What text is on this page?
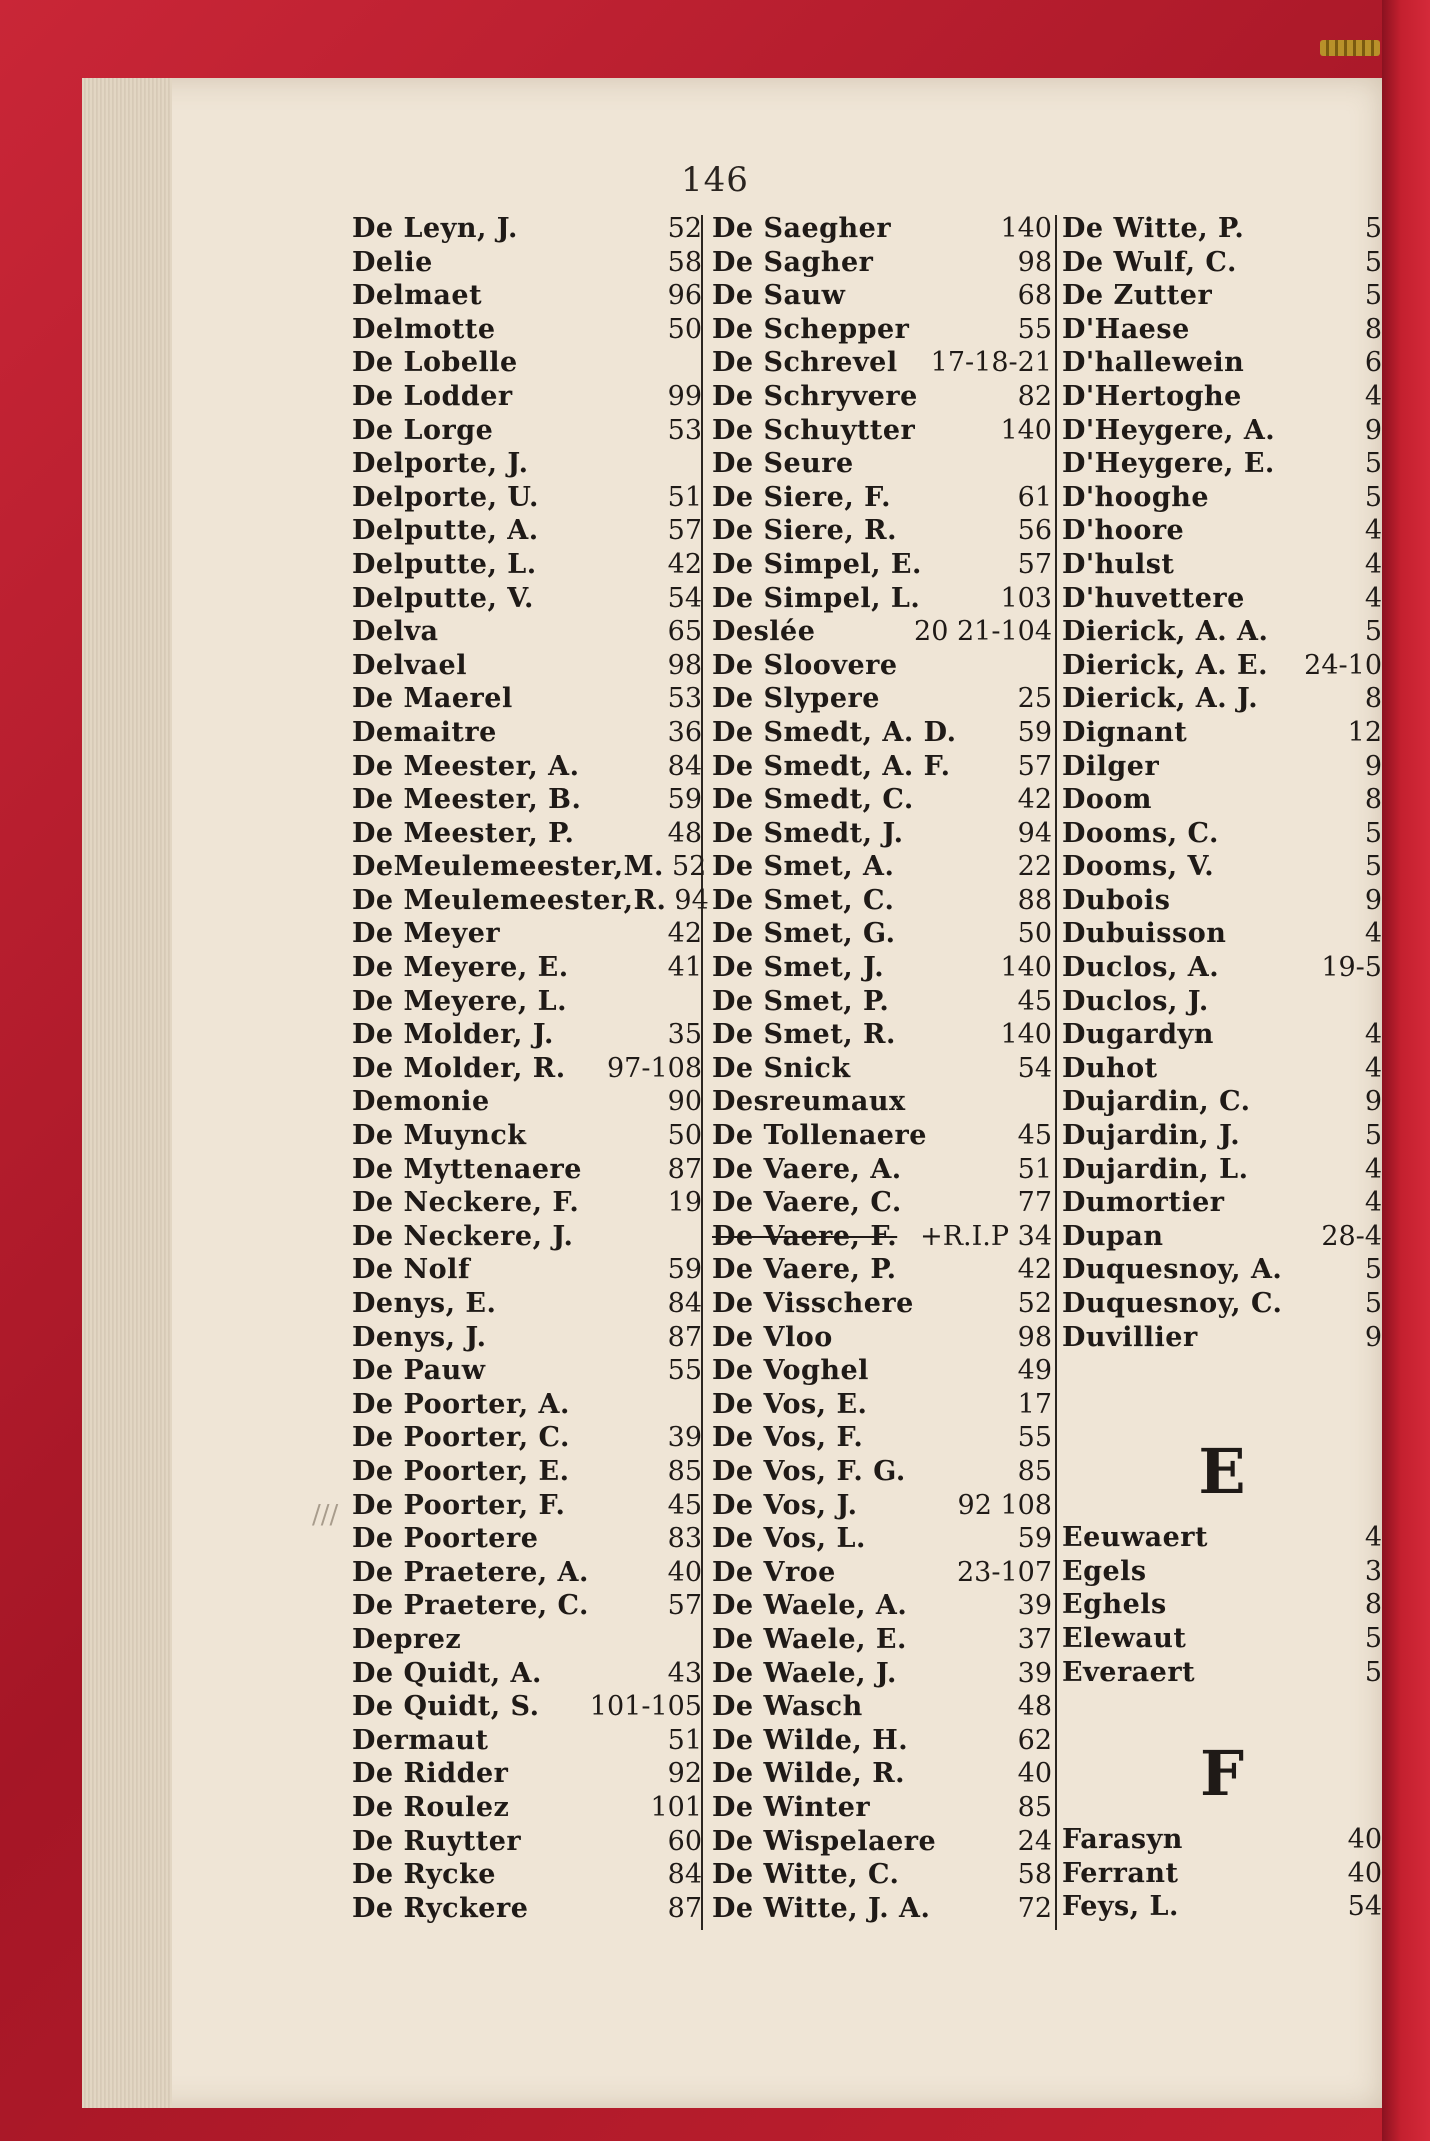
146
///
De Leyn, J.	52
Delie	58
Delmaet	96
Delmotte	50
De Lobelle
De Lodder	99
De Lorge	53
Delporte, J.
Delporte, U.	51
Delputte, A.	57
Delputte, L.	42
Delputte, V.	54
Delva	65
Delvael	98
De Maerel	53
Demaitre	36
De Meester, A.	84
De Meester, B.	59
De Meester, P.	48
DeMeulemeester,M. 52
De Meulemeester,R. 94
De Meyer	42
De Meyere, E.	41
De Meyere, L.
De Molder, J.	35
De Molder, R. 97-108
Demonie	90
De Muynck	50
De Myttenaere	87
De Neckere, F.	19
De Neckere, J.
De Nolf	59
Denys, E.	84
Denys, J.	87
De Pauw	55
De Poorter, A.
De Poorter, C.	39
De Poorter, E.	85
De Poorter, F.	45
De Poortere	83
De Praetere, A.	40
De Praetere, C.	57
Deprez
De Quidt, A.	43
De Quidt, S. 101-105
Dermaut	51
De Ridder	92
De Roulez	101
De Ruytter	60
De Rycke	84
De Ryckere	87
De Saegher	140
De Sagher	98
De Sauw	68
De Schepper	55
De Schrevel 17-18-21
De Schryvere	82
De Schuytter	140
De Seure
De Siere, F.	61
De Siere, R.	56
De Simpel, E.	57
De Simpel, L.	103
Deslée	20 21-104
De Sloovere
De Slypere	25
De Smedt, A. D. 59
De Smedt, A. F. 57
De Smedt, C.	42
De Smedt, J.	94
De Smet, A.	22
De Smet, C.	88
De Smet, G.	50
De Smet, J.	140
De Smet, P.	45
De Smet, R.	140
De Snick	54
Desreumaux
De Tollenaere	45
De Vaere, A.	51
De Vaere, C.	77
De Vaere, F. +R.I.P 34
De Vaere, P.	42
De Visschere	52
De Vloo	98
De Voghel	49
De Vos, E.	17
De Vos, F.	55
De Vos, F. G.	85
De Vos, J.	92 108
De Vos, L.	59
De Vroe	23-107
De Waele, A.	39
De Waele, E.	37
De Waele, J.	39
De Wasch	48
De Wilde, H.	62
De Wilde, R.	40
De Winter	85
De Wispelaere	24
De Witte, C.	58
De Witte, J. A.	72
De Witte, P.	5
De Wulf, C.	5
De Zutter	5
D'Haese	8
D'hallewein	6
D'Hertoghe	4
D'Heygere, A.	9
D'Heygere, E.	5
D'hooghe	5
D'hoore	4
D'hulst	4
D'huvettere	4
Dierick, A. A.	5
Dierick, A. E. 24-10
Dierick, A. J.	8
Dignant	12
Dilger	9
Doom	8
Dooms, C.	5
Dooms, V.	5
Dubois	9
Dubuisson	4
Duclos, A.	19-5
Duclos, J.
Dugardyn	4
Duhot	4
Dujardin, C.	9
Dujardin, J.	5
Dujardin, L.	4
Dumortier	4
Dupan	28-4
Duquesnoy, A.	5
Duquesnoy, C.	5
Duvillier	9
E
Eeuwaert	4
Egels	3
Eghels	8
Elewaut	5
Everaert	5
F
Farasyn	40
Ferrant	40
Feys, L.	54
